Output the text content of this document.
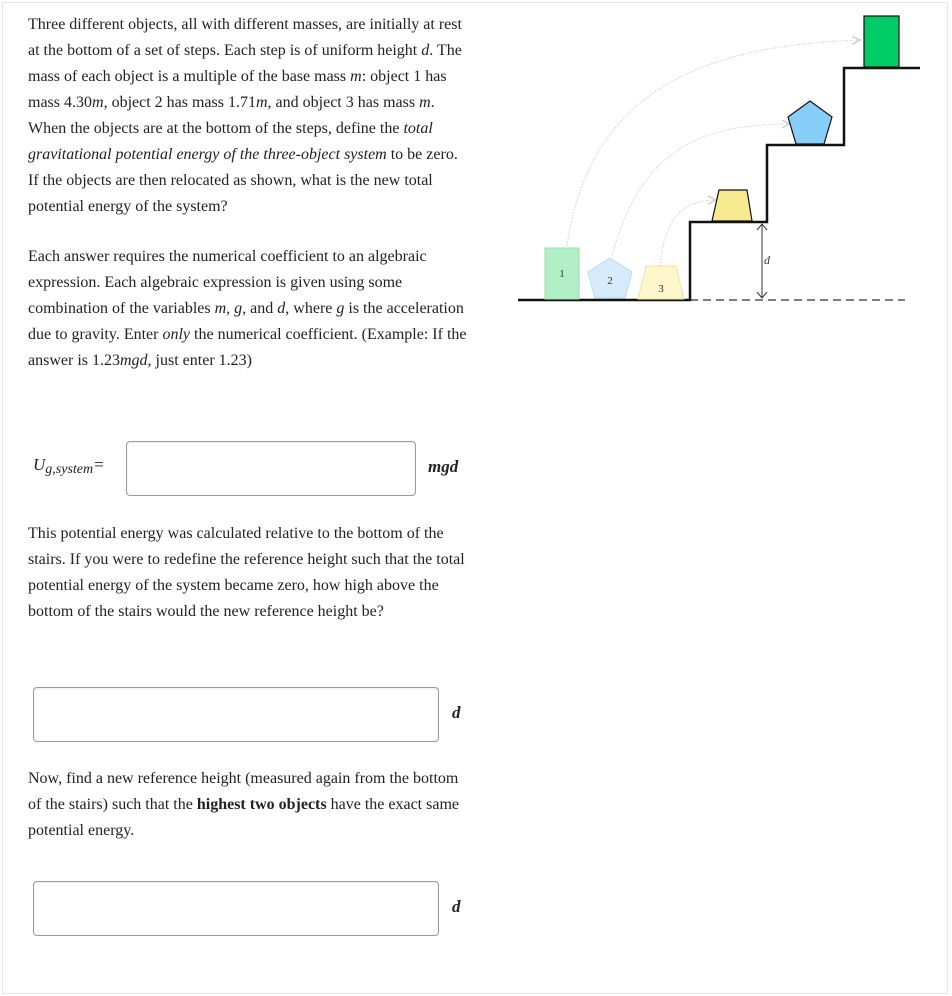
Three different objects, all with different masses, are initially at rest at the bottom of a set of steps. Each step is of uniform height d. The mass of each object is a multiple of the base mass m: object 1 has mass 4.30m, object 2 has mass 1.71m, and object 3 has mass m. When the objects are at the bottom of the steps, define the total gravitational potential energy of the three-object system to be zero. If the objects are then relocated as shown, what is the new total potential energy of the system?

Each answer requires the numerical coefficient to an algebraic expression. Each algebraic expression is given using some combination of the variables m, g, and d, where g is the acceleration due to gravity. Enter only the numerical coefficient. (Example: If the answer is 1.23mgd, just enter 1.23)

$U_{g,system}=$	mgd

This potential energy was calculated relative to the bottom of the stairs. If you were to redefine the reference height such that the total potential energy of the system became zero, how high above the bottom of the stairs would the new reference height be?

d

Now, find a new reference height (measured again from the bottom of the stairs) such that the highest two objects have the exact same potential energy.

d
d
1
2
3
